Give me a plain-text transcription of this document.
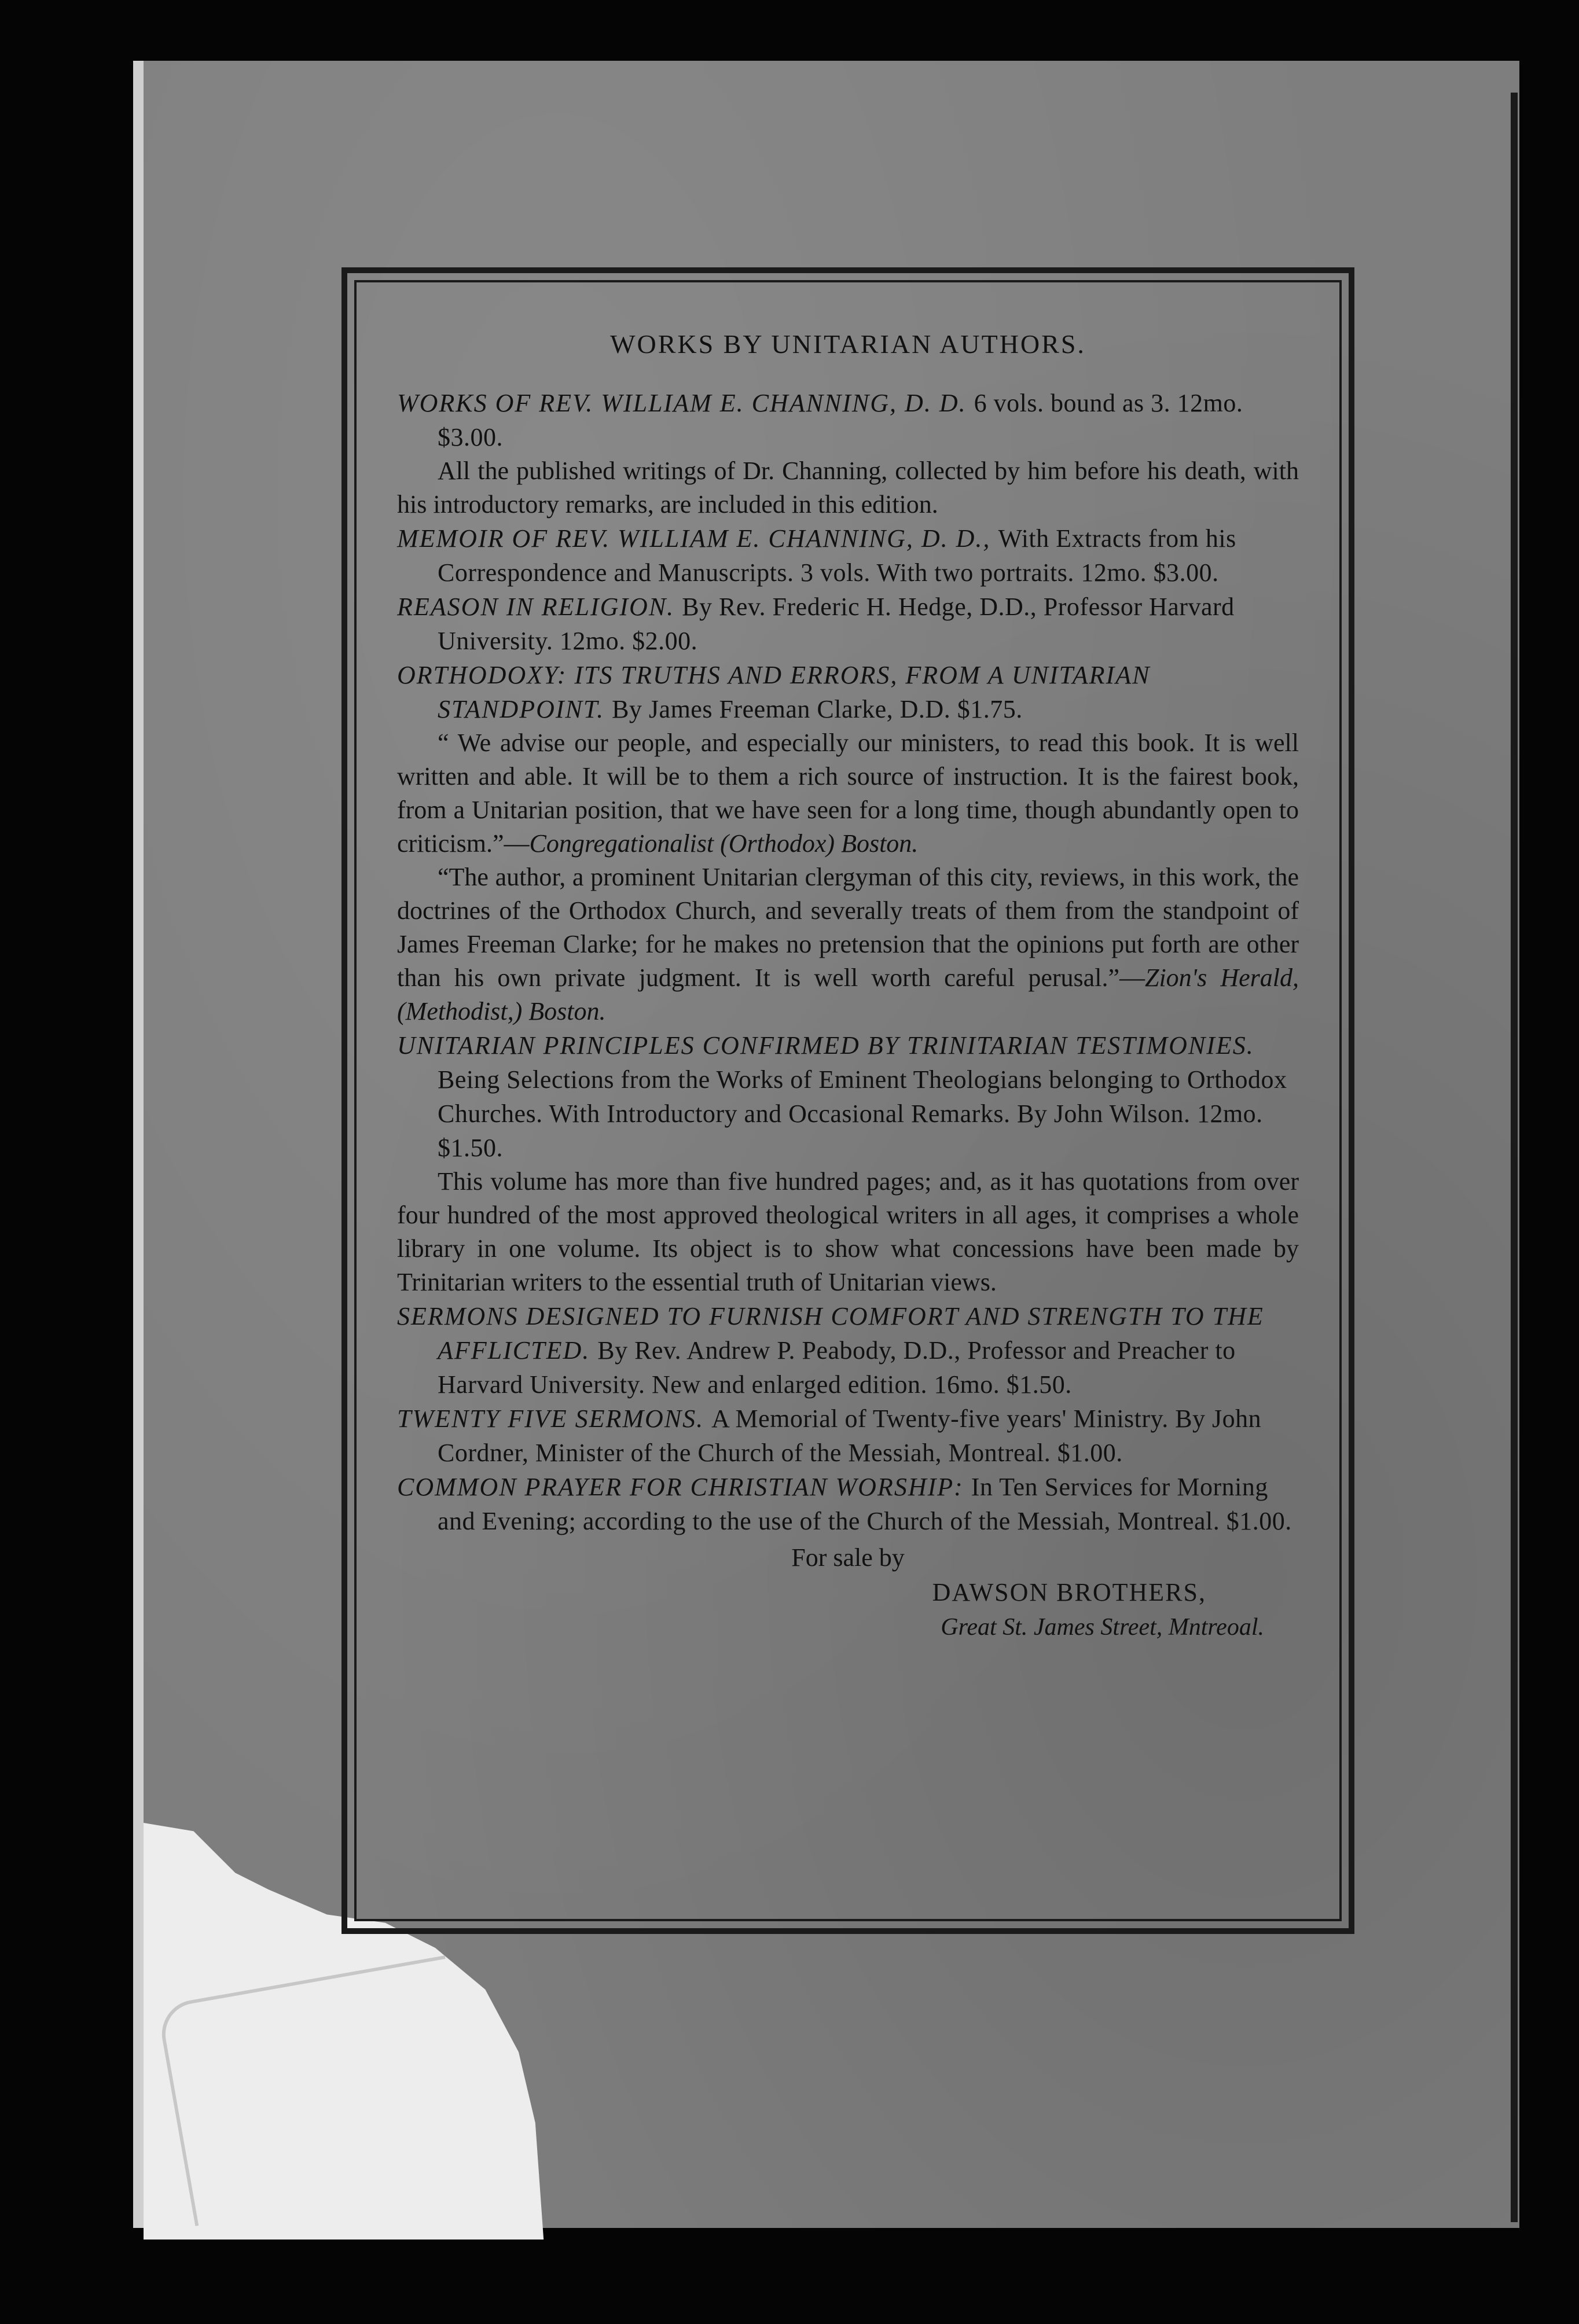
WORKS BY UNITARIAN AUTHORS.

WORKS OF REV. WILLIAM E. CHANNING, D. D. 6 vols. bound as 3. 12mo. $3.00.

All the published writings of Dr. Channing, collected by him before his death, with his introductory remarks, are included in this edition.

MEMOIR OF REV. WILLIAM E. CHANNING, D. D., With Extracts from his Correspondence and Manuscripts. 3 vols. With two portraits. 12mo. $3.00.

REASON IN RELIGION. By Rev. Frederic H. Hedge, D.D., Professor Harvard University. 12mo. $2.00.

ORTHODOXY: ITS TRUTHS AND ERRORS, FROM A UNITARIAN STANDPOINT. By James Freeman Clarke, D.D. $1.75.

“ We advise our people, and especially our ministers, to read this book. It is well written and able. It will be to them a rich source of instruction. It is the fairest book, from a Unitarian position, that we have seen for a long time, though abundantly open to criticism.”—Congregationalist (Orthodox) Boston.

“The author, a prominent Unitarian clergyman of this city, reviews, in this work, the doctrines of the Orthodox Church, and severally treats of them from the standpoint of James Freeman Clarke; for he makes no pretension that the opinions put forth are other than his own private judgment. It is well worth careful perusal.”—Zion's Herald, (Methodist,) Boston.

UNITARIAN PRINCIPLES CONFIRMED BY TRINITARIAN TESTIMONIES. Being Selections from the Works of Eminent Theologians belonging to Orthodox Churches. With Introductory and Occasional Remarks. By John Wilson. 12mo. $1.50.

This volume has more than five hundred pages; and, as it has quotations from over four hundred of the most approved theological writers in all ages, it comprises a whole library in one volume. Its object is to show what concessions have been made by Trinitarian writers to the essential truth of Unitarian views.

SERMONS DESIGNED TO FURNISH COMFORT AND STRENGTH TO THE AFFLICTED. By Rev. Andrew P. Peabody, D.D., Professor and Preacher to Harvard University. New and enlarged edition. 16mo. $1.50.

TWENTY FIVE SERMONS. A Memorial of Twenty-five years' Ministry. By John Cordner, Minister of the Church of the Messiah, Montreal. $1.00.

COMMON PRAYER FOR CHRISTIAN WORSHIP: In Ten Services for Morning and Evening; according to the use of the Church of the Messiah, Montreal. $1.00.

For sale by

DAWSON BROTHERS,

Great St. James Street, Mntreoal.
